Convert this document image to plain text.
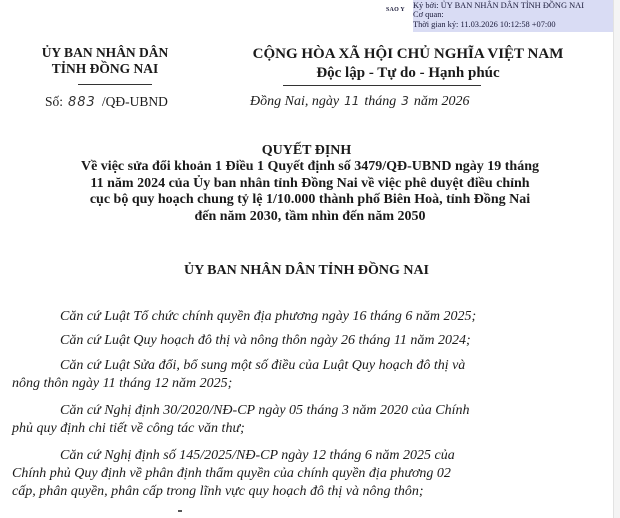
SAO Y Ký bởi: ỦY BAN NHÂN DÂN TỈNH ĐỒNG NAI
Cơ quan:
Thời gian ký: 11.03.2026 10:12:58 +07:00
ỦY BAN NHÂN DÂN
TỈNH ĐỒNG NAI
Số: 883 /QĐ-UBND
CỘNG HÒA XÃ HỘI CHỦ NGHĨA VIỆT NAM
Độc lập - Tự do - Hạnh phúc
Đồng Nai, ngày 11 tháng 3 năm 2026
QUYẾT ĐỊNH
Về việc sửa đổi khoản 1 Điều 1 Quyết định số 3479/QĐ-UBND ngày 19 tháng
11 năm 2024 của Ủy ban nhân tỉnh Đồng Nai về việc phê duyệt điều chỉnh
cục bộ quy hoạch chung tỷ lệ 1/10.000 thành phố Biên Hoà, tỉnh Đồng Nai
đến năm 2030, tầm nhìn đến năm 2050
ỦY BAN NHÂN DÂN TỈNH ĐỒNG NAI
Căn cứ Luật Tổ chức chính quyền địa phương ngày 16 tháng 6 năm 2025;
Căn cứ Luật Quy hoạch đô thị và nông thôn ngày 26 tháng 11 năm 2024;
Căn cứ Luật Sửa đổi, bổ sung một số điều của Luật Quy hoạch đô thị và
nông thôn ngày 11 tháng 12 năm 2025;
Căn cứ Nghị định 30/2020/NĐ-CP ngày 05 tháng 3 năm 2020 của Chính
phủ quy định chi tiết về công tác văn thư;
Căn cứ Nghị định số 145/2025/NĐ-CP ngày 12 tháng 6 năm 2025 của
Chính phủ Quy định về phân định thẩm quyền của chính quyền địa phương 02
cấp, phân quyền, phân cấp trong lĩnh vực quy hoạch đô thị và nông thôn;
